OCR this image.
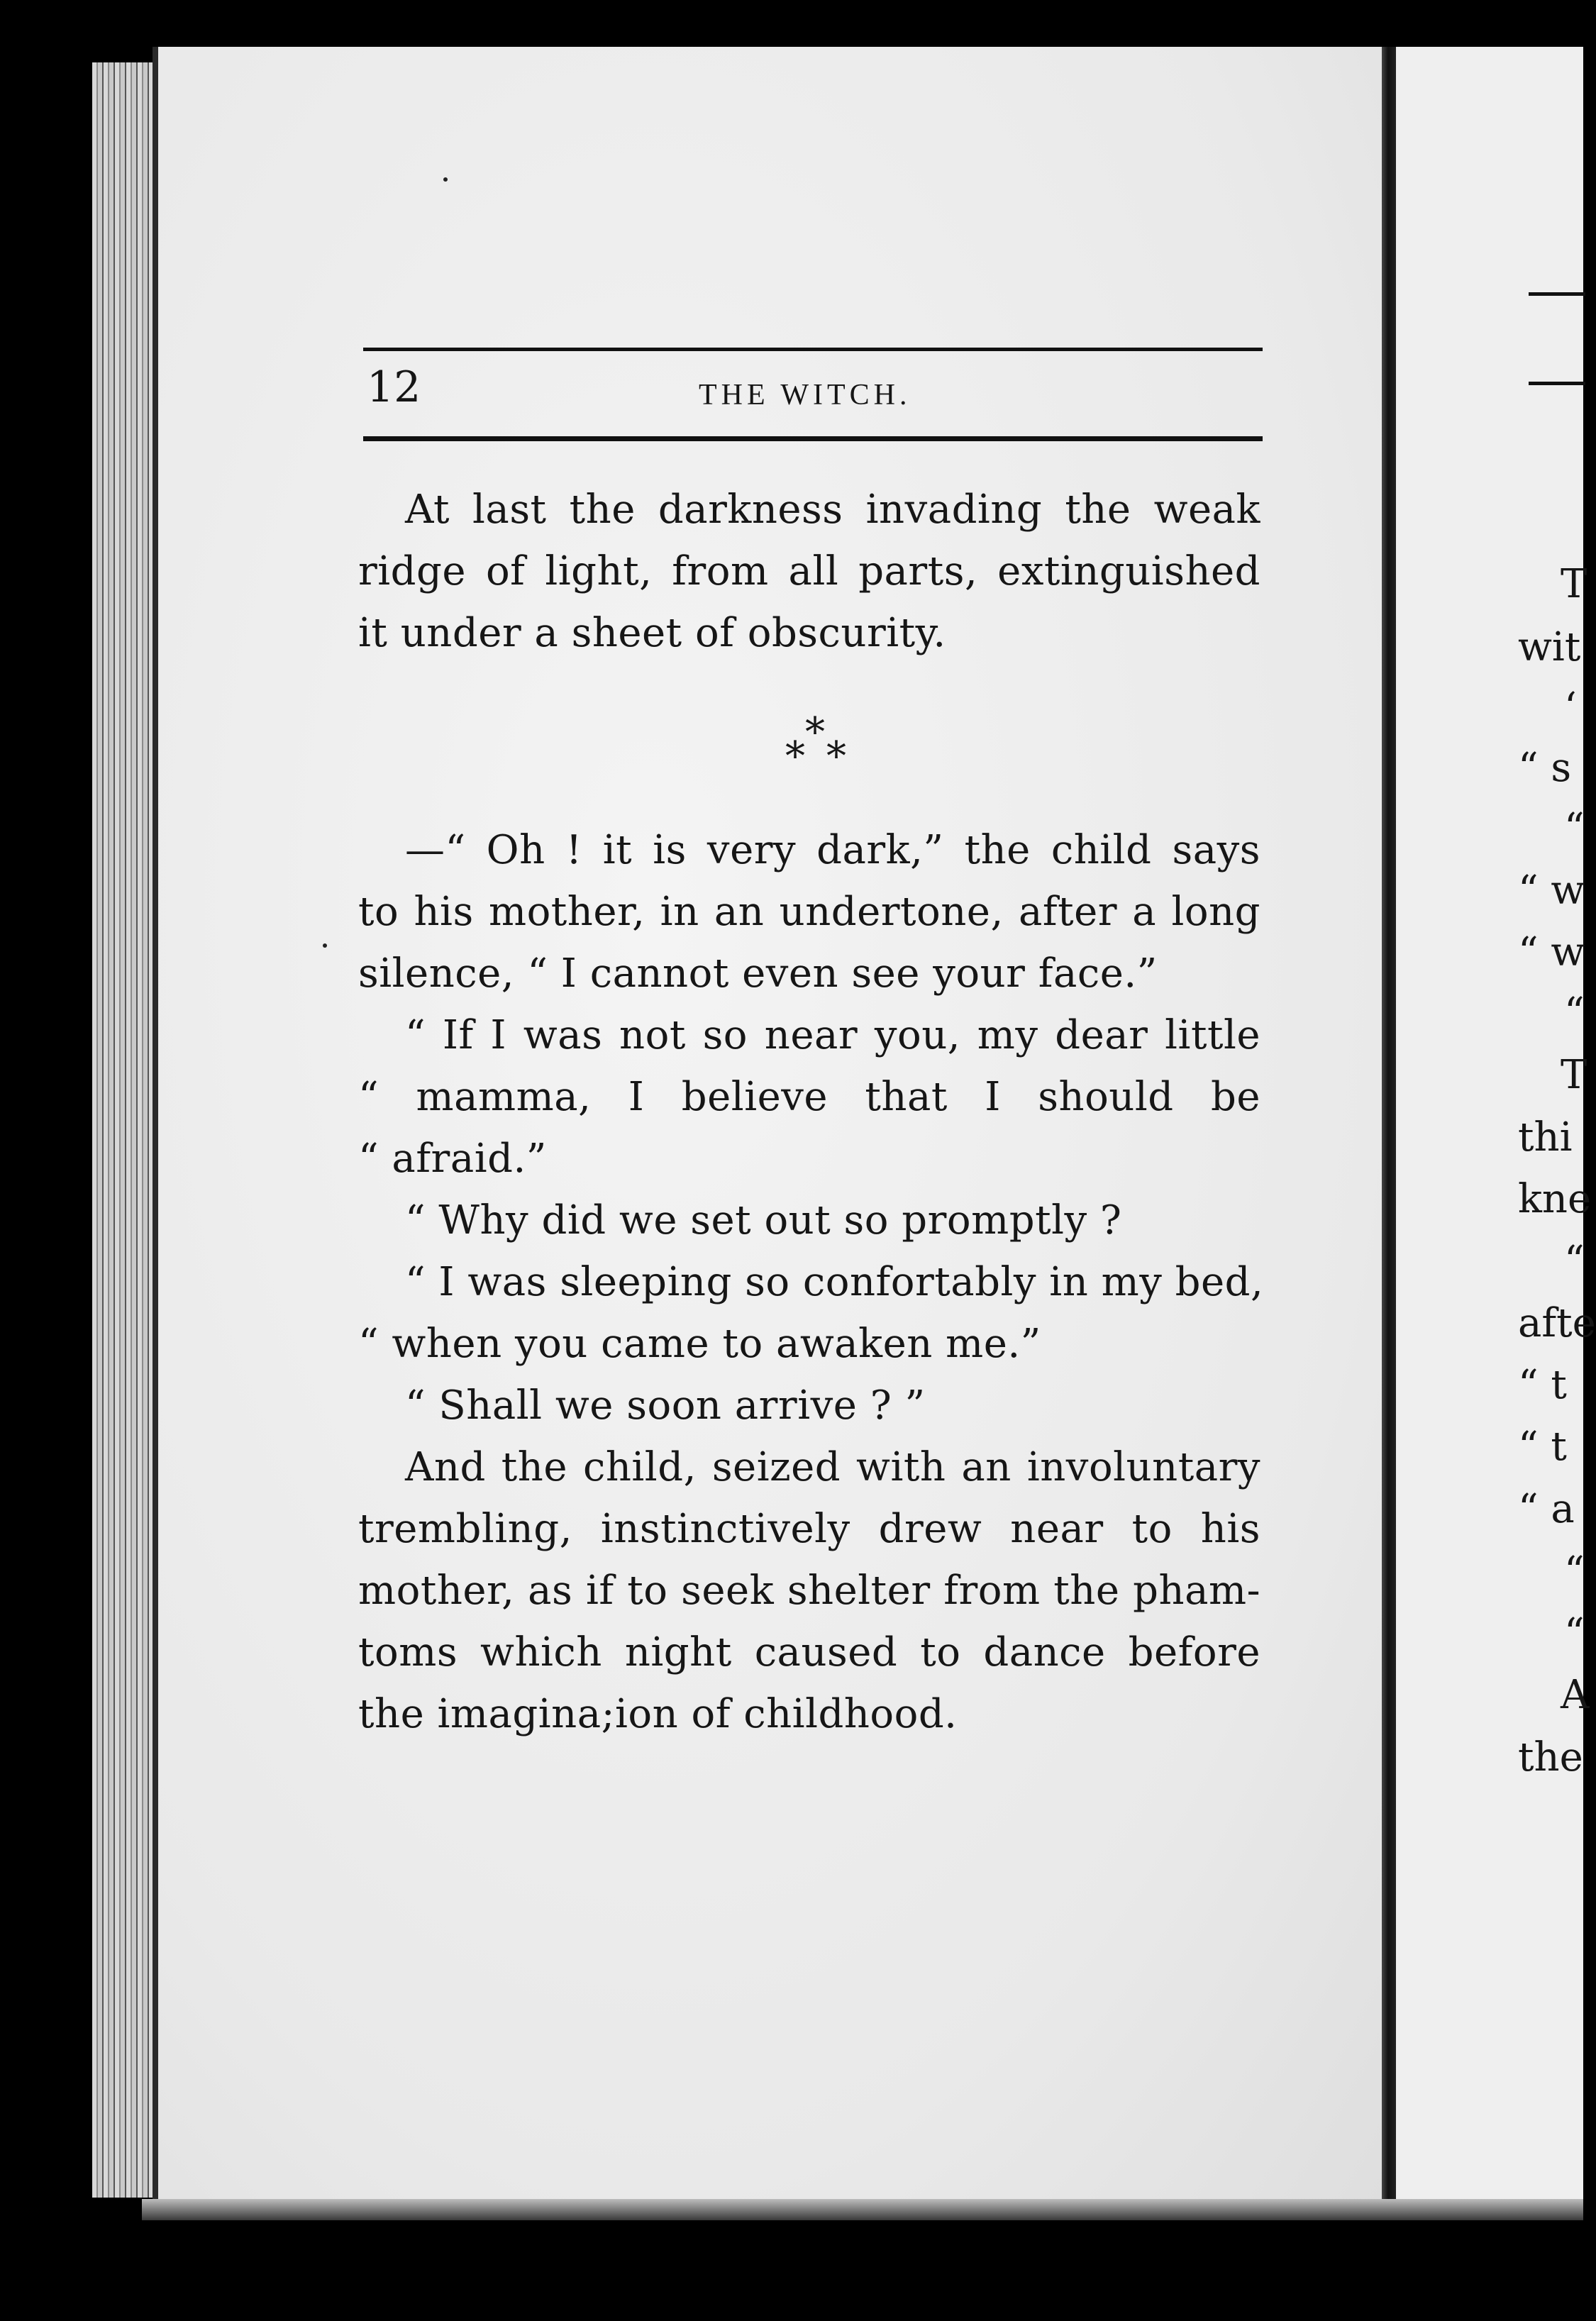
12	THE WITCH.
At last the darkness invading the weak
ridge of light, from all parts, extinguished
it under a sheet of obscurity.
*
* *
—“ Oh ! it is very dark,” the child says
to his mother, in an undertone, after a long
silence, “ I cannot even see your face.”
“ If I was not so near you, my dear little
“ mamma, I believe that I should be
“ afraid.”
“ Why did we set out so promptly ?
“ I was sleeping so confortably in my bed,
“ when you came to awaken me.”
“ Shall we soon arrive ? ”
And the child, seized with an involuntary
trembling, instinctively drew near to his
mother, as if to seek shelter from the pham-
toms which night caused to dance before
the imagina;ion of childhood.
T
wit
‘
“ s
“
“ w
“ w
“
T
thi
kne
“
afte
“ t
“ t
“ a
“
“
A
the
